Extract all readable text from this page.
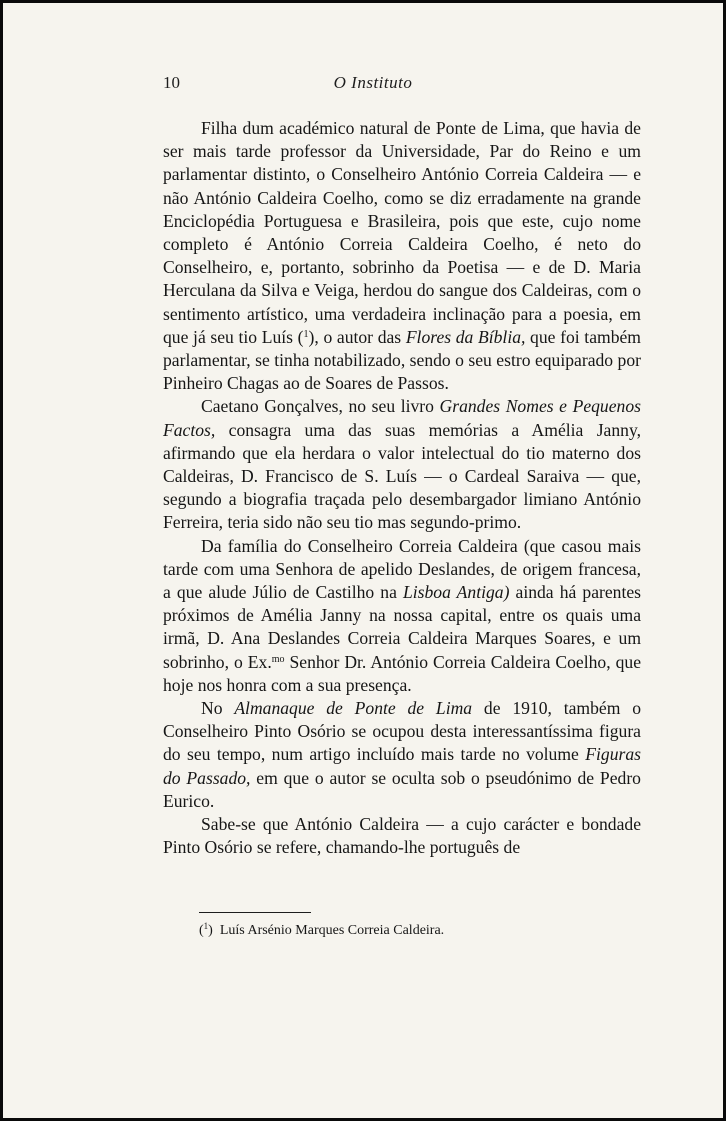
10	O Instituto

Filha dum académico natural de Ponte de Lima, que havia de ser mais tarde professor da Universidade, Par do Reino e um parlamentar distinto, o Conselheiro António Correia Caldeira — e não António Caldeira Coelho, como se diz erradamente na grande Enciclopédia Portuguesa e Brasileira, pois que este, cujo nome completo é António Correia Caldeira Coelho, é neto do Conselheiro, e, portanto, sobrinho da Poetisa — e de D. Maria Herculana da Silva e Veiga, herdou do sangue dos Caldeiras, com o sentimento artístico, uma verdadeira inclinação para a poesia, em que já seu tio Luís ($^1$), o autor das Flores da Bíblia, que foi também parlamentar, se tinha notabilizado, sendo o seu estro equiparado por Pinheiro Chagas ao de Soares de Passos.

Caetano Gonçalves, no seu livro Grandes Nomes e Pequenos Factos, consagra uma das suas memórias a Amélia Janny, afirmando que ela herdara o valor intelectual do tio materno dos Caldeiras, D. Francisco de S. Luís — o Cardeal Saraiva — que, segundo a biografia traçada pelo desembargador limiano António Ferreira, teria sido não seu tio mas segundo-primo.

Da família do Conselheiro Correia Caldeira (que casou mais tarde com uma Senhora de apelido Deslandes, de origem francesa, a que alude Júlio de Castilho na Lisboa Antiga) ainda há parentes próximos de Amélia Janny na nossa capital, entre os quais uma irmã, D. Ana Deslandes Correia Caldeira Marques Soares, e um sobrinho, o Ex.$^{mo}$ Senhor Dr. António Correia Caldeira Coelho, que hoje nos honra com a sua presença.

No Almanaque de Ponte de Lima de 1910, também o Conselheiro Pinto Osório se ocupou desta interessantíssima figura do seu tempo, num artigo incluído mais tarde no volume Figuras do Passado, em que o autor se oculta sob o pseudónimo de Pedro Eurico.

Sabe-se que António Caldeira — a cujo carácter e bondade Pinto Osório se refere, chamando-lhe português de

($^1$) Luís Arsénio Marques Correia Caldeira.
